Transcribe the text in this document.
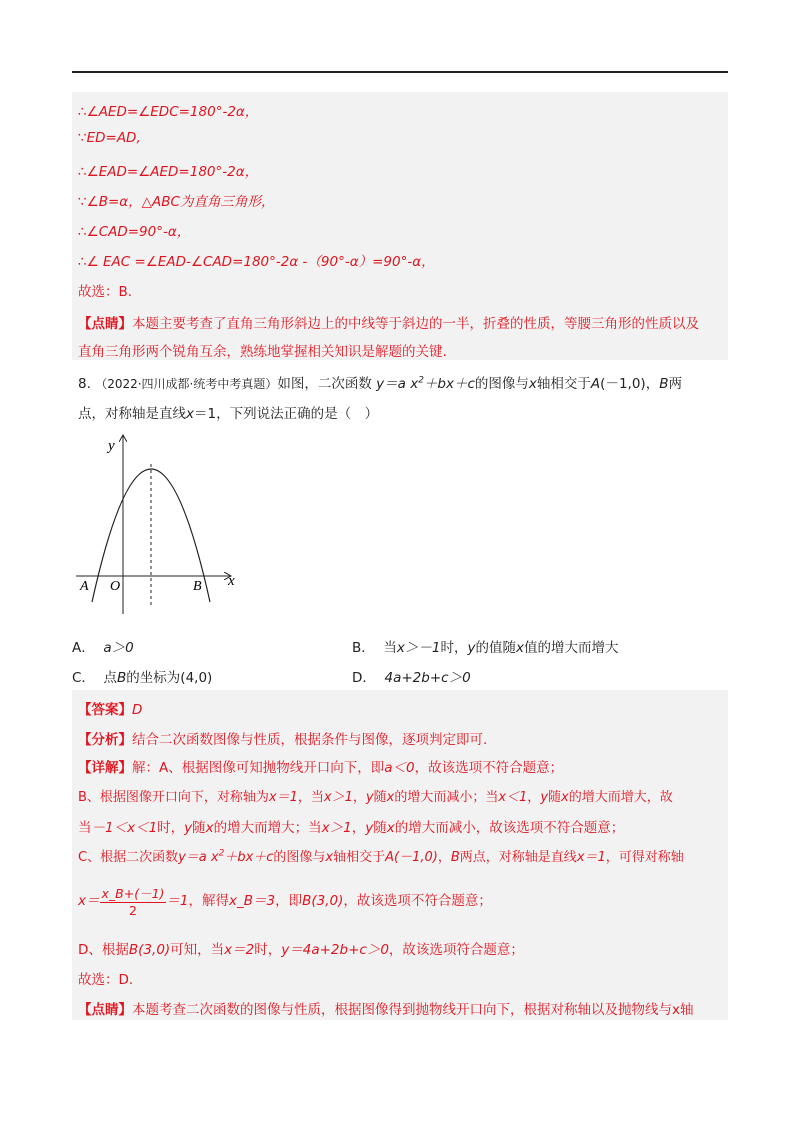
∴∠AED=∠EDC=180°-2α，
∵ED=AD,
∴∠EAD=∠AED=180°-2α，
∵∠B=α，△ABC为直角三角形，
∴∠CAD=90°-α，
∴∠ EAC =∠EAD-∠CAD=180°-2α -（90°-α）=90°-α，
故选：B.
【点睛】本题主要考查了直角三角形斜边上的中线等于斜边的一半，折叠的性质，等腰三角形的性质以及
直角三角形两个锐角互余，熟练地掌握相关知识是解题的关键.
8. （2022·四川成都·统考中考真题）如图，二次函数 y＝a $x^2+bx+c$的图像与x轴相交于A(－1,0)，B两
点，对称轴是直线x＝1，下列说法正确的是（　）
y
x
O
A	B
A． a＞0	B． 当x＞－1时，y的值随x值的增大而增大
C． 点B的坐标为(4,0)	D． 4a+2b+c＞0
【答案】D
【分析】结合二次函数图像与性质，根据条件与图像，逐项判定即可.
【详解】解：A、根据图像可知抛物线开口向下，即a＜0，故该选项不符合题意；
B、根据图像开口向下，对称轴为x＝1，当x＞1，y随x的增大而减小；当x＜1，y随x的增大而增大，故
当－1＜x＜1时，y随x的增大而增大；当x＞1，y随x的增大而减小，故该选项不符合题意；
C、根据二次函数y＝a $x^2+bx+c$的图像与x轴相交于A(－1,0)，B两点，对称轴是直线x＝1，可得对称轴
$x= \frac{x\_B+(-1)}{2} =1$，解得x_B＝3，即B(3,0)，故该选项不符合题意；
D、根据B(3,0)可知，当x＝2时，y＝4a+2b+c＞0，故该选项符合题意；
故选：D.
【点睛】本题考查二次函数的图像与性质，根据图像得到抛物线开口向下，根据对称轴以及抛物线与x轴
